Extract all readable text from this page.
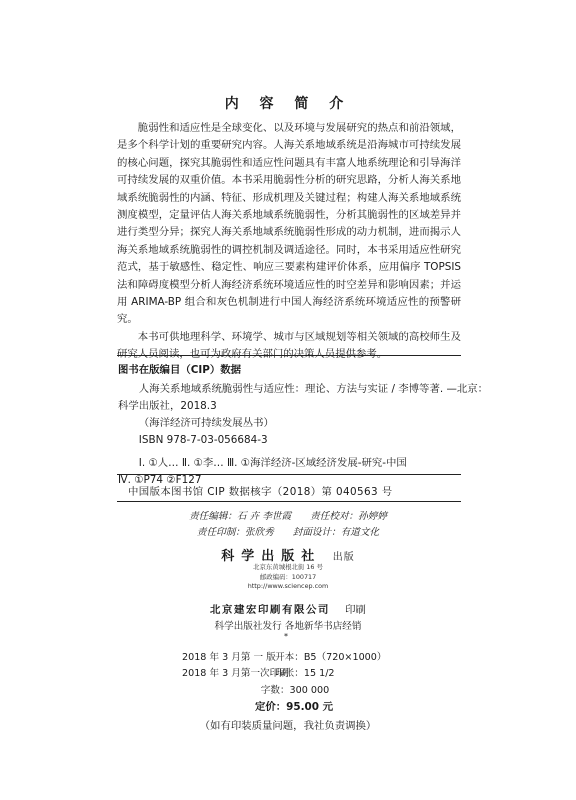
内 容 简 介

脆弱性和适应性是全球变化、以及环境与发展研究的热点和前沿领域，是多个科学计划的重要研究内容。人海关系地域系统是沿海城市可持续发展的核心问题，探究其脆弱性和适应性问题具有丰富人地系统理论和引导海洋可持续发展的双重价值。本书采用脆弱性分析的研究思路，分析人海关系地域系统脆弱性的内涵、特征、形成机理及关键过程；构建人海关系地域系统测度模型，定量评估人海关系地域系统脆弱性，分析其脆弱性的区域差异并进行类型分异；探究人海关系地域系统脆弱性形成的动力机制，进而揭示人海关系地域系统脆弱性的调控机制及调适途径。同时，本书采用适应性研究范式，基于敏感性、稳定性、响应三要素构建评价体系，应用偏序 TOPSIS 法和障碍度模型分析人海经济系统环境适应性的时空差异和影响因素；并运用 ARIMA-BP 组合和灰色机制进行中国人海经济系统环境适应性的预警研究。

本书可供地理科学、环境学、城市与区域规划等相关领域的高校师生及研究人员阅读，也可为政府有关部门的决策人员提供参考。

图书在版编目（CIP）数据
人海关系地域系统脆弱性与适应性：理论、方法与实证 / 李博等著. —北京：
科学出版社，2018.3
（海洋经济可持续发展丛书）
ISBN 978-7-03-056684-3
Ⅰ. ①人… Ⅱ. ①李… Ⅲ. ①海洋经济-区域经济发展-研究-中国
Ⅳ. ①P74 ②F127
中国版本图书馆 CIP 数据核字（2018）第 040563 号
责任编辑：石 卉 李世霞 责任校对：孙婷婷
责任印制：张欣秀 封面设计：有道文化
科学出版社 出版
北京东黄城根北街 16 号
邮政编码：100717
http://www.sciencep.com
北京建宏印刷有限公司 印刷
科学出版社发行 各地新华书店经销
*
2018 年 3 月第 一 版 开本：B5（720×1000）
2018 年 3 月第一次印刷 印张：15 1/2
字数：300 000
定价：95.00 元
（如有印装质量问题，我社负责调换）
